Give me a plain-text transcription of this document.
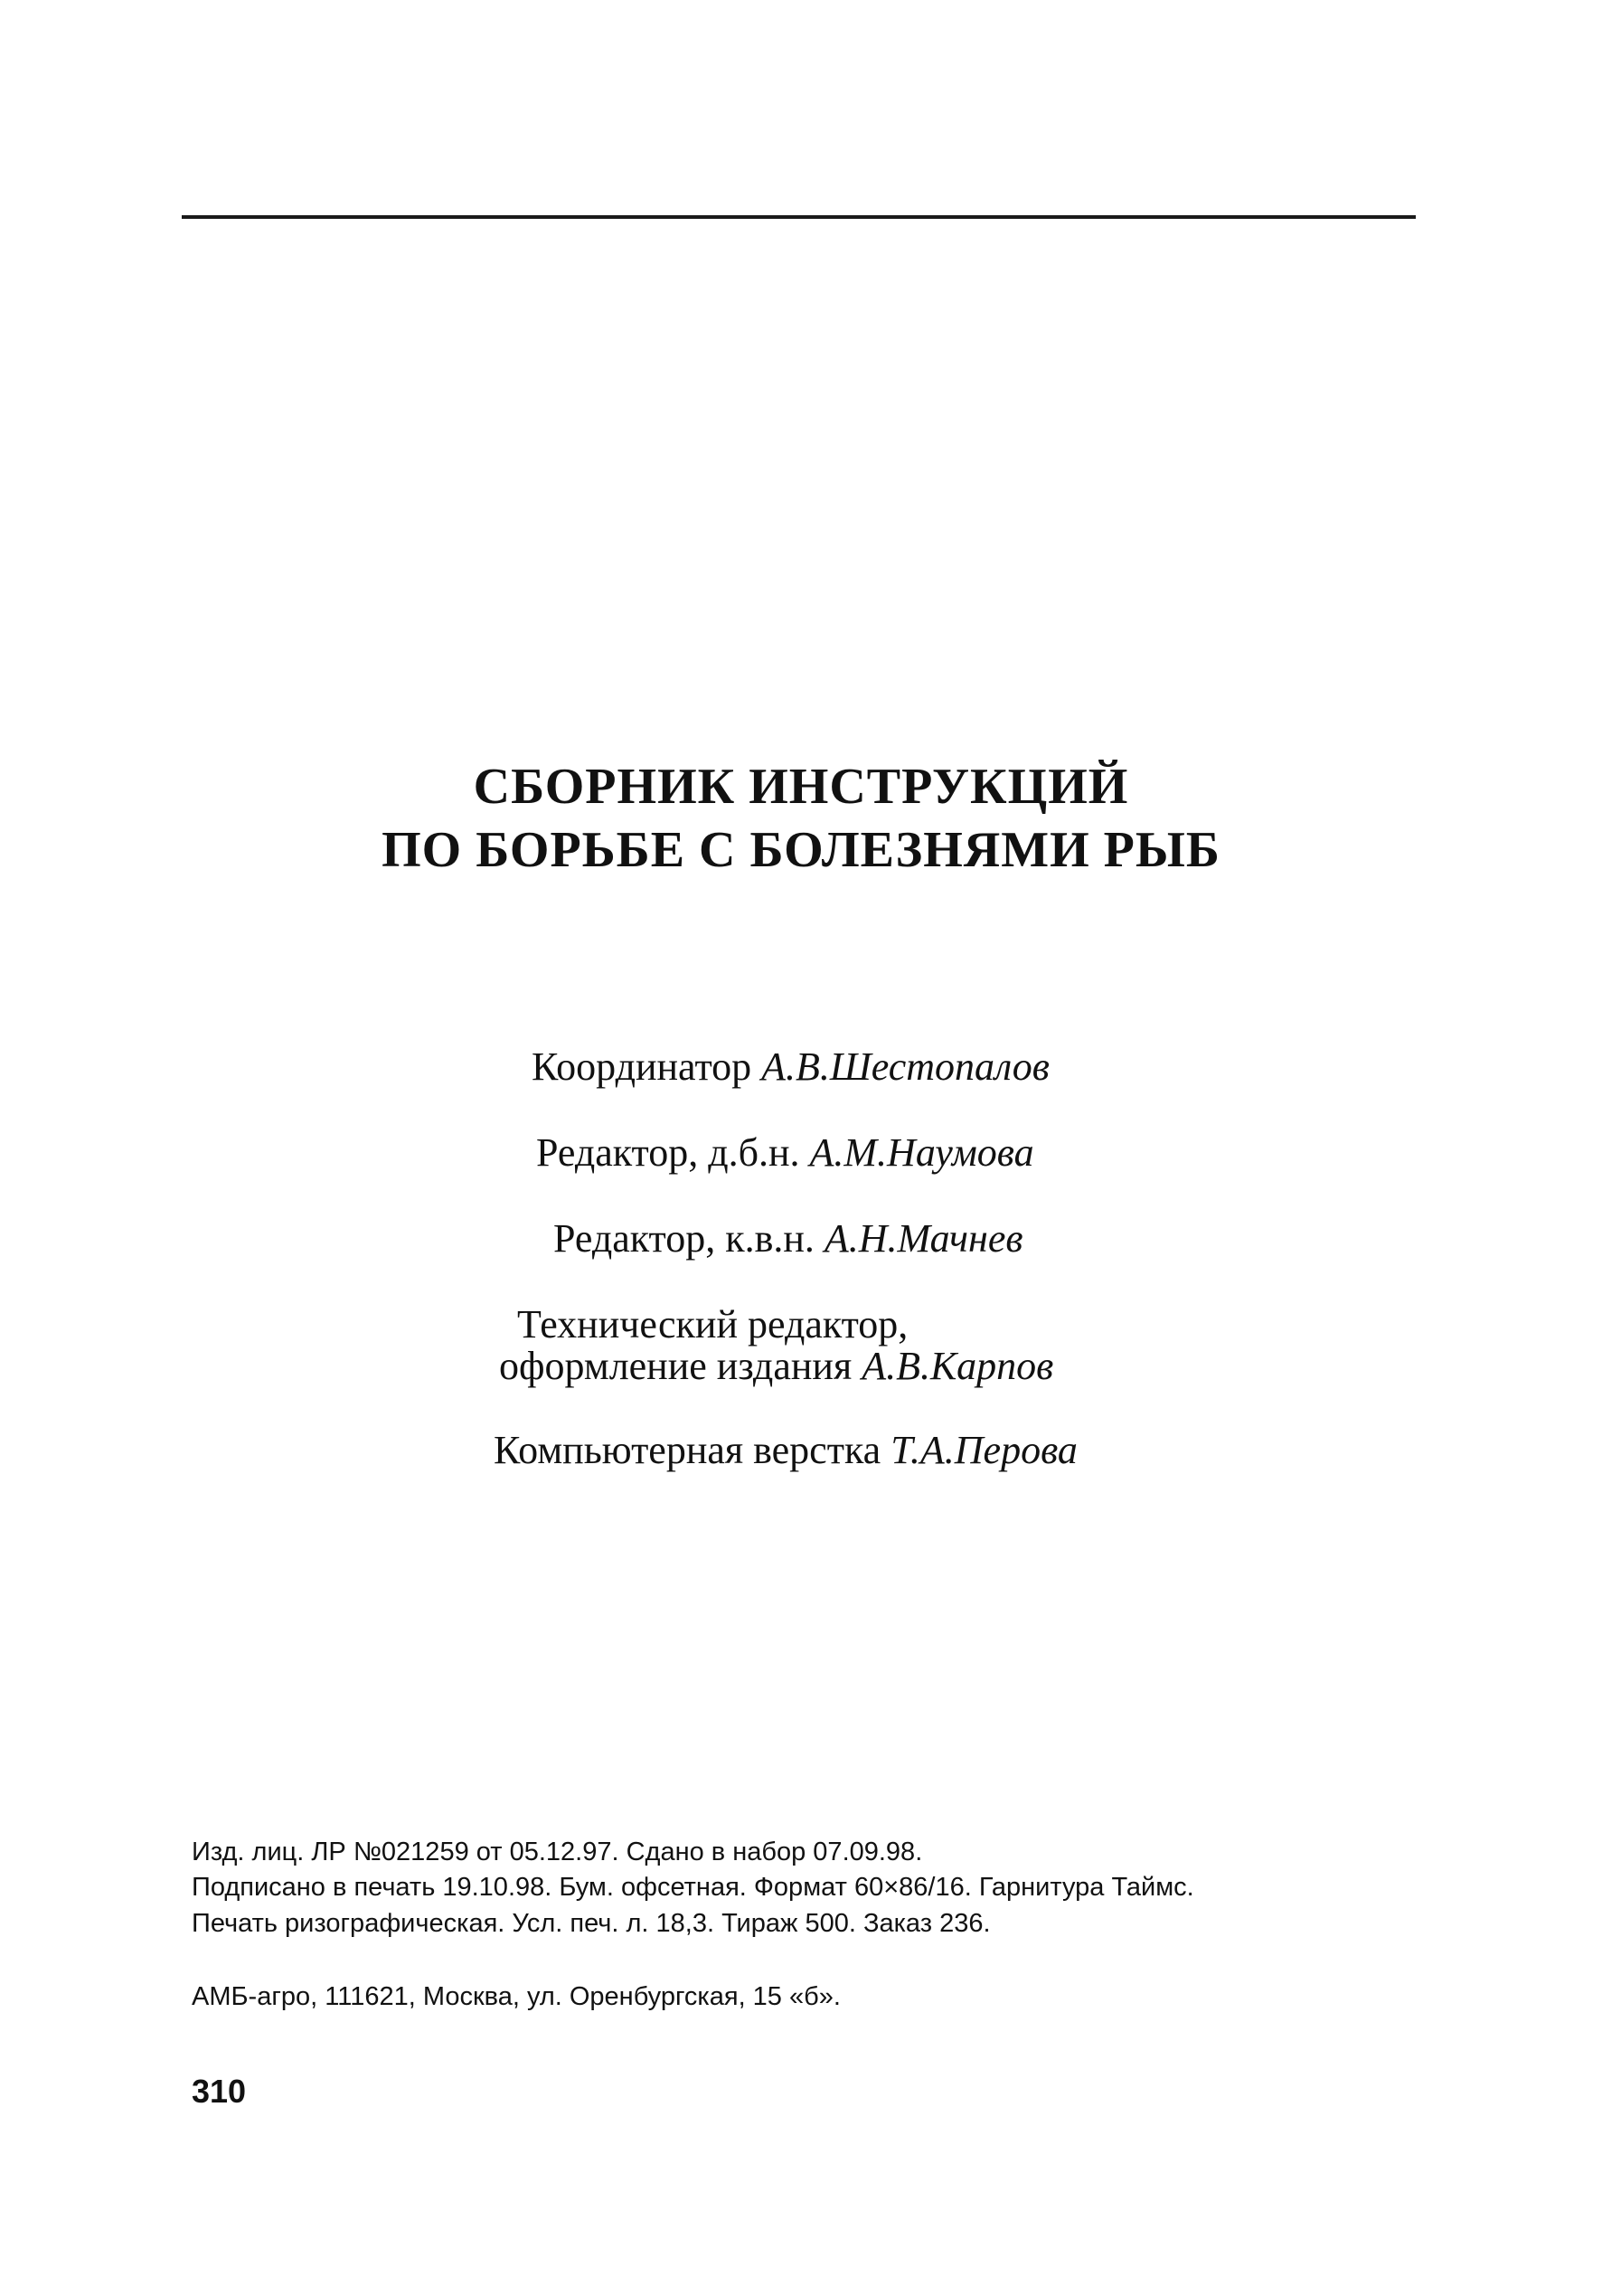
СБОРНИК ИНСТРУКЦИЙ
ПО БОРЬБЕ С БОЛЕЗНЯМИ РЫБ
Координатор А.В.Шестопалов
Редактор, д.б.н. А.М.Наумова
Редактор, к.в.н. А.Н.Мачнев
Технический редактор,
оформление издания А.В.Карпов
Компьютерная верстка Т.А.Перова
Изд. лиц. ЛР №021259 от 05.12.97. Сдано в набор 07.09.98.
Подписано в печать 19.10.98. Бум. офсетная. Формат 60×86/16. Гарнитура Таймс.
Печать ризографическая. Усл. печ. л. 18,3. Тираж 500. Заказ 236.
АМБ-агро, 111621, Москва, ул. Оренбургская, 15 «б».
310
